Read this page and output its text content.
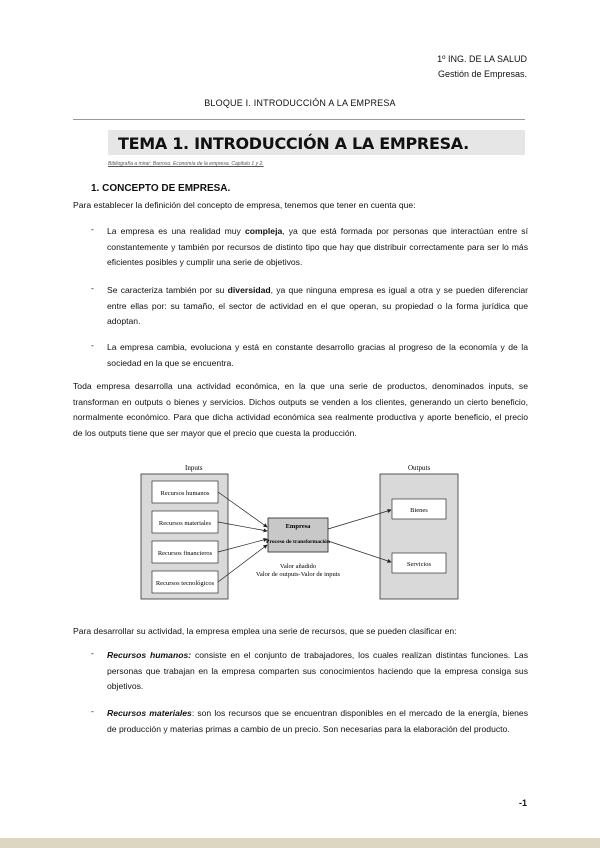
1º ING. DE LA SALUD
Gestión de Empresas.
BLOQUE I. INTRODUCCIÓN A LA EMPRESA
TEMA 1. INTRODUCCIÓN A LA EMPRESA.
Bibliografía a mirar: Barroso. Economía de la empresa. Capítulo 1 y 2.
1. CONCEPTO DE EMPRESA.
Para establecer la definición del concepto de empresa, tenemos que tener en cuenta que:
- La empresa es una realidad muy compleja, ya que está formada por personas que interactúan entre sí constantemente y también por recursos de distinto tipo que hay que distribuir correctamente para ser lo más eficientes posibles y cumplir una serie de objetivos.
- Se caracteriza también por su diversidad, ya que ninguna empresa es igual a otra y se pueden diferenciar entre ellas por: su tamaño, el sector de actividad en el que operan, su propiedad o la forma jurídica que adoptan.
- La empresa cambia, evoluciona y está en constante desarrollo gracias al progreso de la economía y de la sociedad en la que se encuentra.
Toda empresa desarrolla una actividad económica, en la que una serie de productos, denominados inputs, se transforman en outputs o bienes y servicios. Dichos outputs se venden a los clientes, generando un cierto beneficio, normalmente económico. Para que dicha actividad económica sea realmente productiva y aporte beneficio, el precio de los outputs tiene que ser mayor que el precio que cuesta la producción.
Inputs	Outputs
Recursos humanos
Recursos materiales
Recursos financieros
Recursos tecnológicos
Empresa
Proceso de transformación
Valor añadido
Valor de outputs-Valor de inputs
Bienes
Servicios
Para desarrollar su actividad, la empresa emplea una serie de recursos, que se pueden clasificar en:
- Recursos humanos: consiste en el conjunto de trabajadores, los cuales realizan distintas funciones. Las personas que trabajan en la empresa comparten sus conocimientos haciendo que la empresa consiga sus objetivos.
- Recursos materiales: son los recursos que se encuentran disponibles en el mercado de la energía, bienes de producción y materias primas a cambio de un precio. Son necesarias para la elaboración del producto.
-1
